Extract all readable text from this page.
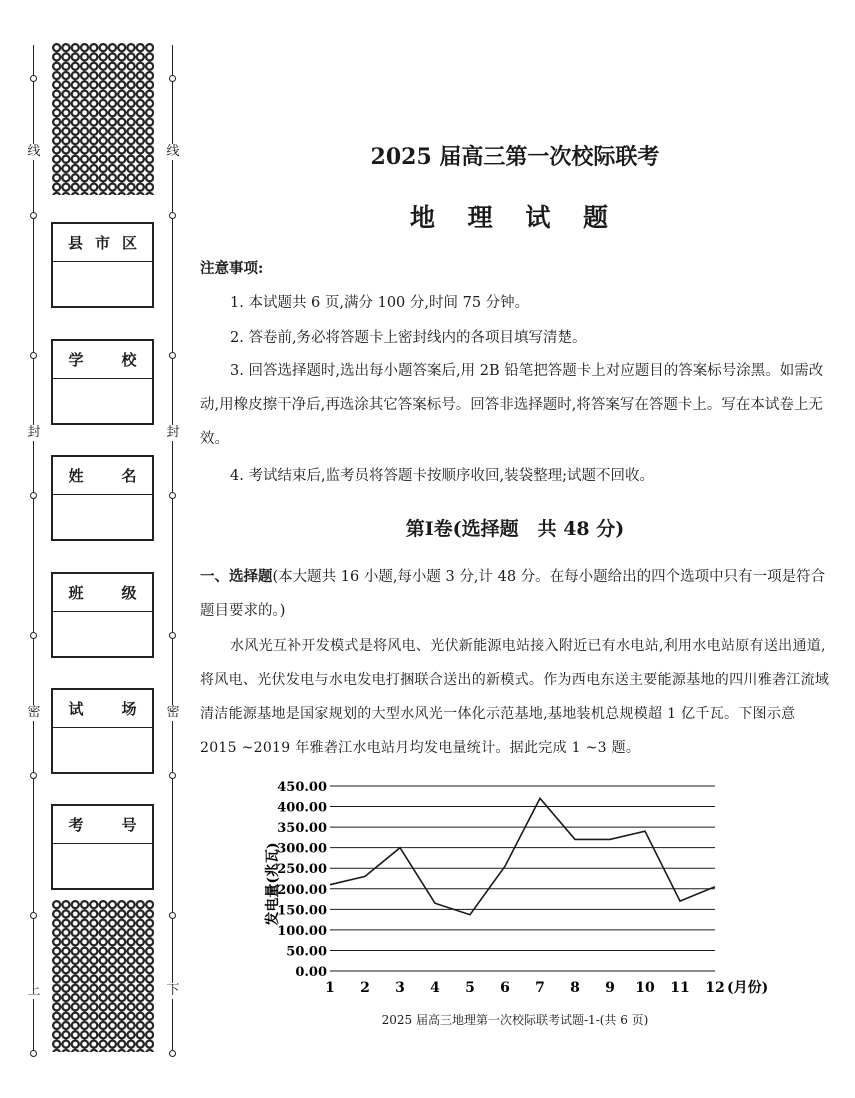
线
封
密
上
线
封
密
下
县 市 区
学	校
姓	名
班	级
试	场
考	号
2025 届高三第一次校际联考
地 理 试 题
注意事项:
1. 本试题共 6 页,满分 100 分,时间 75 分钟。
2. 答卷前,务必将答题卡上密封线内的各项目填写清楚。
3. 回答选择题时,选出每小题答案后,用 2B 铅笔把答题卡上对应题目的答案标号涂黑。如需改动,用橡皮擦干净后,再选涂其它答案标号。回答非选择题时,将答案写在答题卡上。写在本试卷上无效。
4. 考试结束后,监考员将答题卡按顺序收回,装袋整理;试题不回收。
第Ⅰ卷(选择题　共 48 分)
一、选择题(本大题共 16 小题,每小题 3 分,计 48 分。在每小题给出的四个选项中只有一项是符合题目要求的。)
水风光互补开发模式是将风电、光伏新能源电站接入附近已有水电站,利用水电站原有送出通道,将风电、光伏发电与水电发电打捆联合送出的新模式。作为西电东送主要能源基地的四川雅砻江流域清洁能源基地是国家规划的大型水风光一体化示范基地,基地装机总规模超 1 亿千瓦。下图示意 2015 ~2019 年雅砻江水电站月均发电量统计。据此完成 1 ~3 题。
0.00
50.00
100.00
150.00
200.00
250.00
300.00
350.00
400.00
450.00
1 2 3 4 5 6 7 8 9 10 11 12
发电量(兆瓦)
(月份)
2025 届高三地理第一次校际联考试题-1-(共 6 页)
